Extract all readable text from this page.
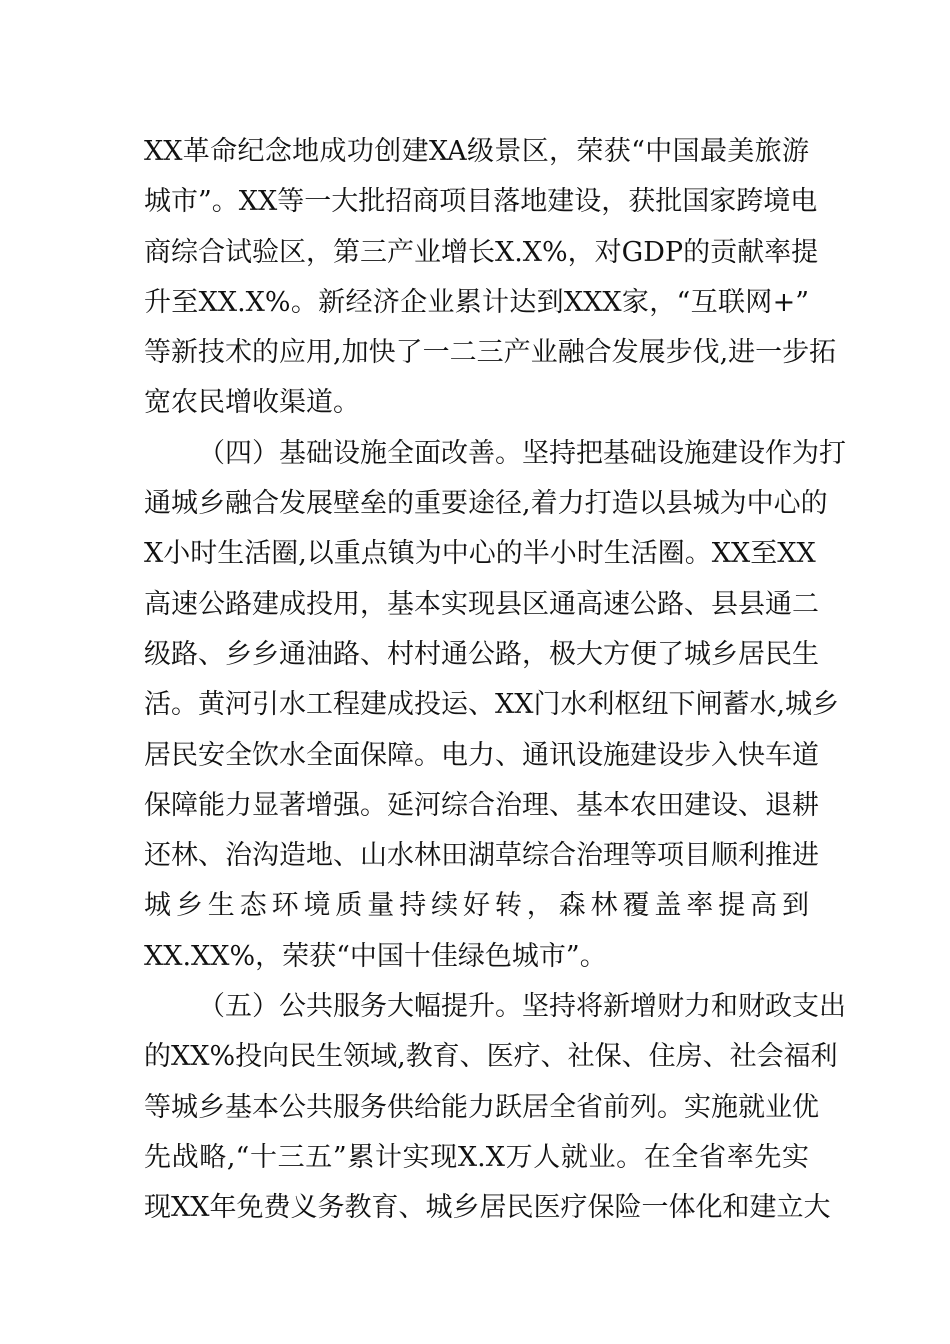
XX革命纪念地成功创建XA级景区，荣获“中国最美旅游
城市”。XX等一大批招商项目落地建设，获批国家跨境电
商综合试验区，第三产业增长X.X%，对GDP的贡献率提
升至XX.X%。新经济企业累计达到XXX家，“互联网+”
等新技术的应用,加快了一二三产业融合发展步伐,进一步拓
宽农民增收渠道。
（四）基础设施全面改善。坚持把基础设施建设作为打
通城乡融合发展壁垒的重要途径,着力打造以县城为中心的
X小时生活圈,以重点镇为中心的半小时生活圈。XX至XX
高速公路建成投用，基本实现县区通高速公路、县县通二
级路、乡乡通油路、村村通公路，极大方便了城乡居民生
活。黄河引水工程建成投运、XX门水利枢纽下闸蓄水,城乡
居民安全饮水全面保障。电力、通讯设施建设步入快车道
保障能力显著增强。延河综合治理、基本农田建设、退耕
还林、治沟造地、山水林田湖草综合治理等项目顺利推进
城乡生态环境质量持续好转，森林覆盖率提高到
XX.XX%，荣获“中国十佳绿色城市”。
（五）公共服务大幅提升。坚持将新增财力和财政支出
的XX%投向民生领域,教育、医疗、社保、住房、社会福利
等城乡基本公共服务供给能力跃居全省前列。实施就业优
先战略,“十三五”累计实现X.X万人就业。在全省率先实
现XX年免费义务教育、城乡居民医疗保险一体化和建立大
